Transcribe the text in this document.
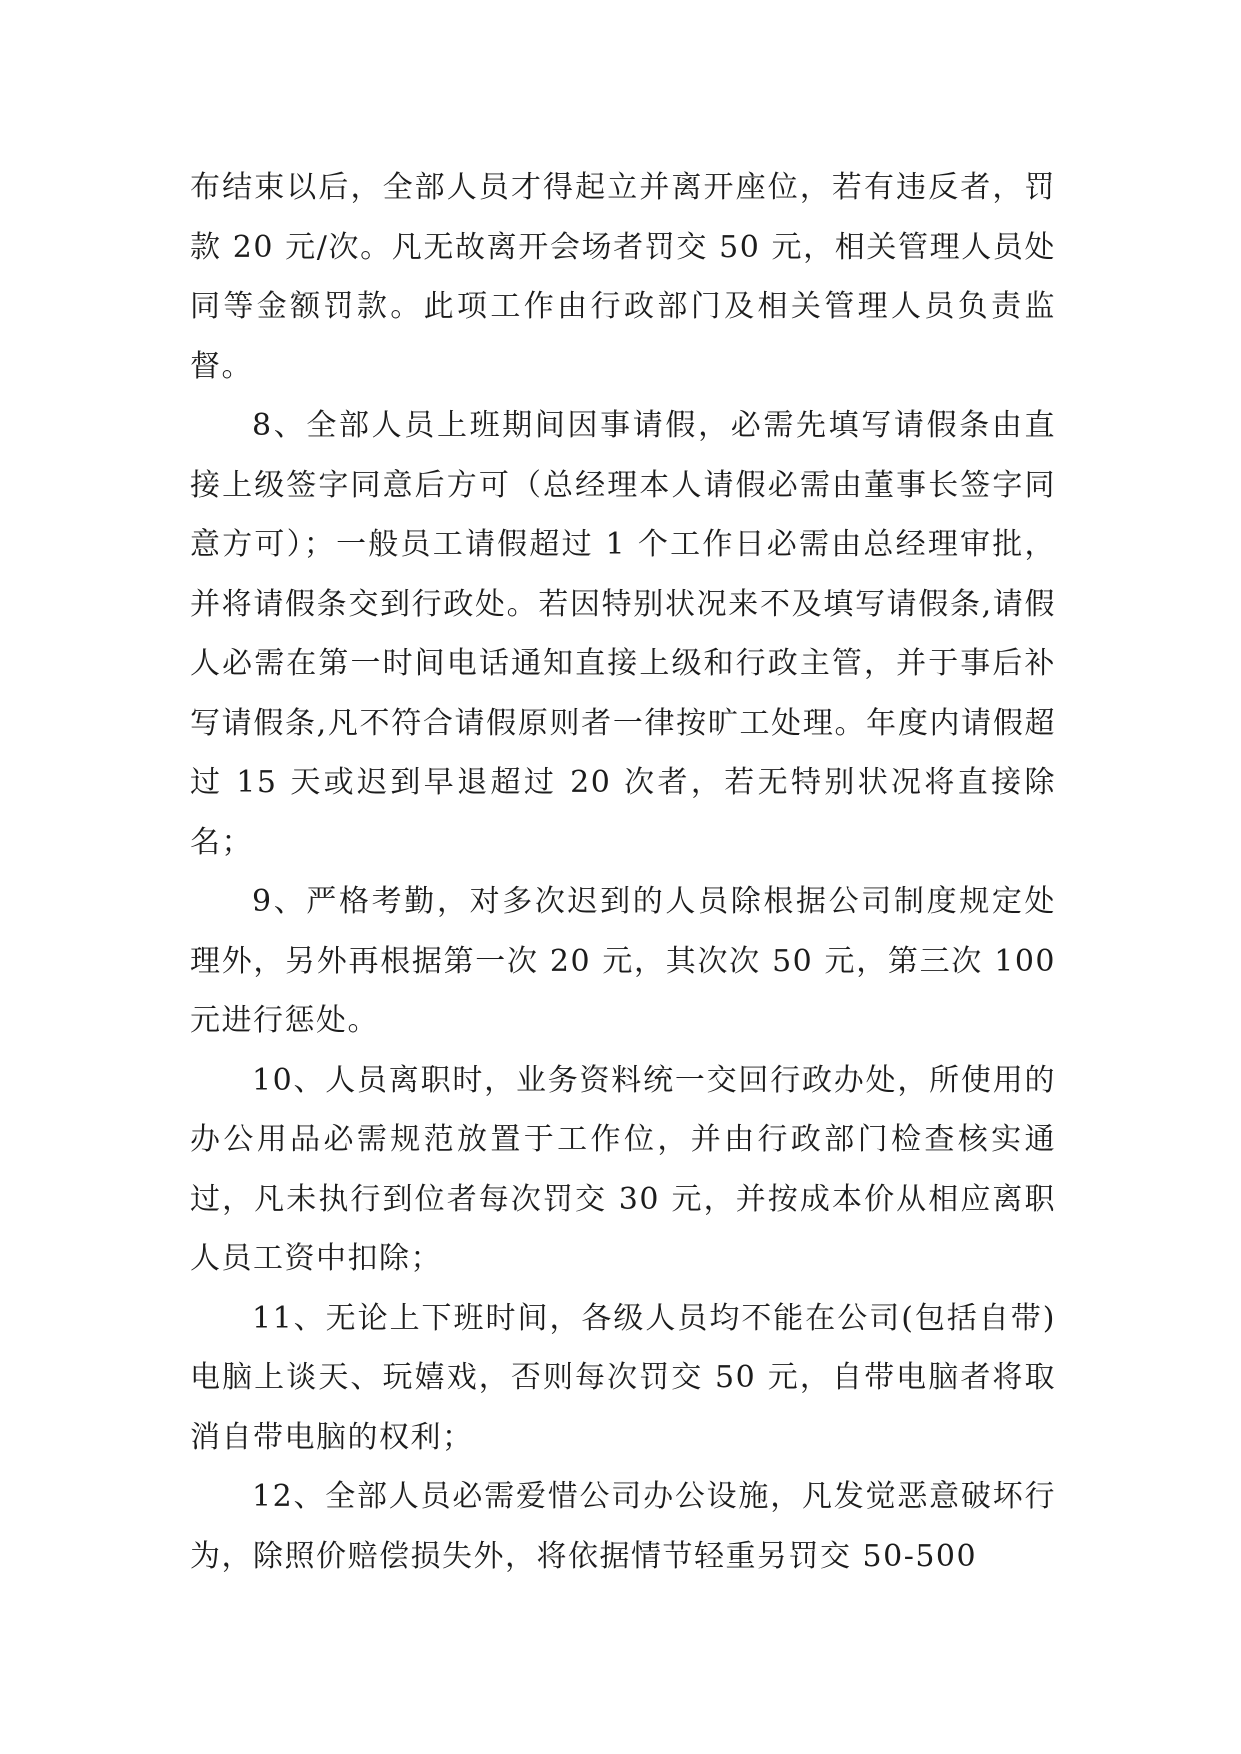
布结束以后，全部人员才得起立并离开座位，若有违反者，罚款 20 元/次。凡无故离开会场者罚交 50 元，相关管理人员处同等金额罚款。此项工作由行政部门及相关管理人员负责监督。

8、全部人员上班期间因事请假，必需先填写请假条由直接上级签字同意后方可（总经理本人请假必需由董事长签字同意方可）；一般员工请假超过 1 个工作日必需由总经理审批，并将请假条交到行政处。若因特别状况来不及填写请假条,请假人必需在第一时间电话通知直接上级和行政主管，并于事后补写请假条,凡不符合请假原则者一律按旷工处理。年度内请假超过 15 天或迟到早退超过 20 次者，若无特别状况将直接除名；

9、严格考勤，对多次迟到的人员除根据公司制度规定处理外，另外再根据第一次 20 元，其次次 50 元，第三次 100 元进行惩处。

10、人员离职时，业务资料统一交回行政办处，所使用的办公用品必需规范放置于工作位，并由行政部门检查核实通过，凡未执行到位者每次罚交 30 元，并按成本价从相应离职人员工资中扣除；

11、无论上下班时间，各级人员均不能在公司(包括自带)电脑上谈天、玩嬉戏，否则每次罚交 50 元，自带电脑者将取消自带电脑的权利；

12、全部人员必需爱惜公司办公设施，凡发觉恶意破坏行为，除照价赔偿损失外，将依据情节轻重另罚交 50-500
